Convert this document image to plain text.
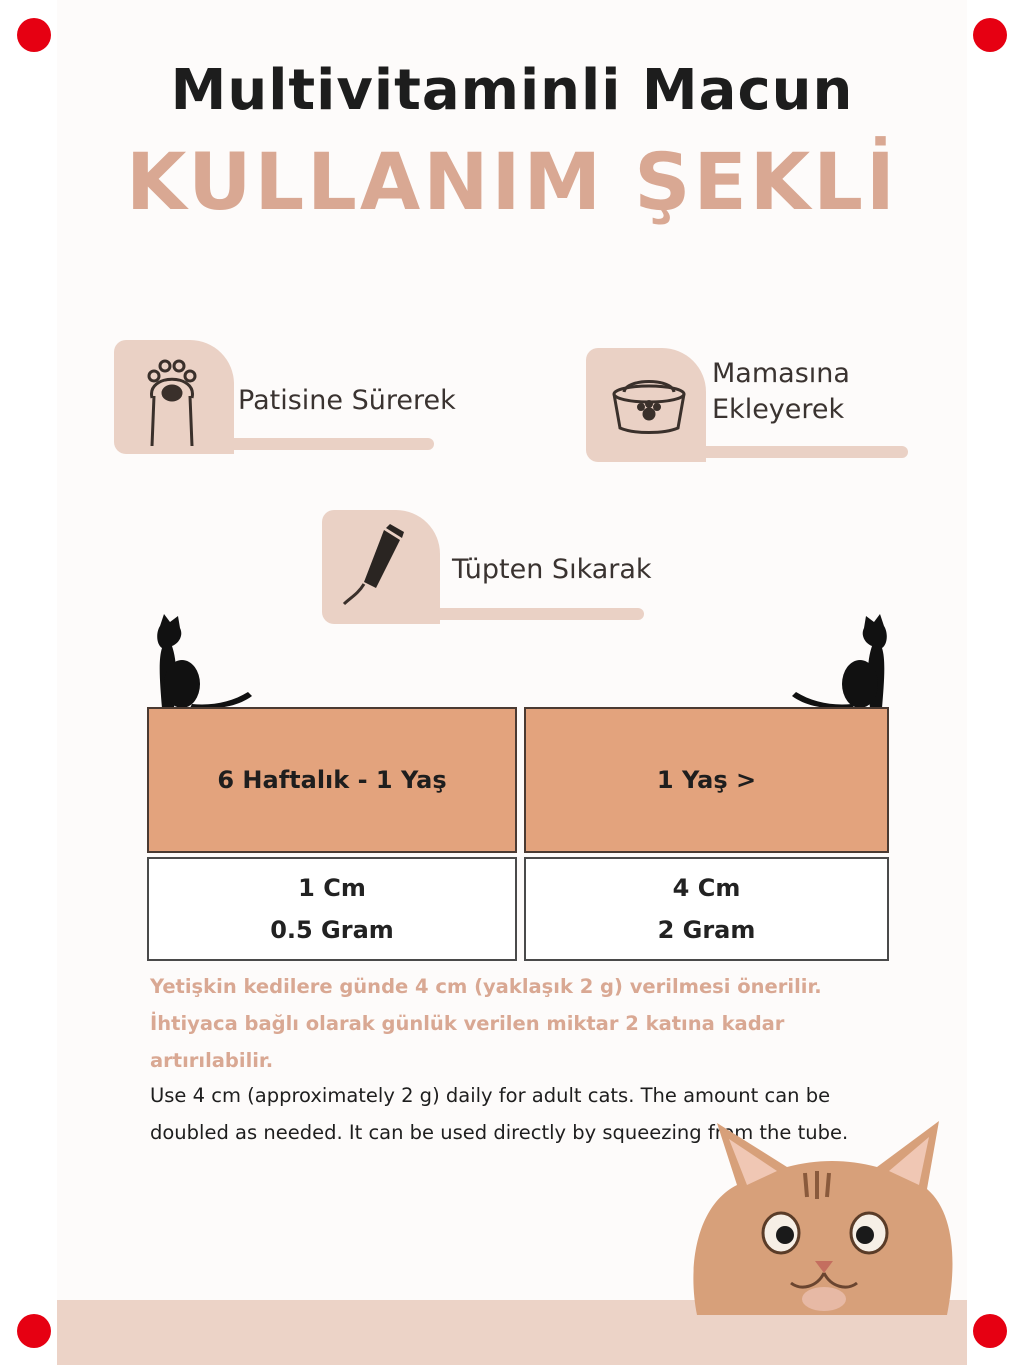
Multivitaminli Macun
KULLANIM ŞEKLİ
Patisine Sürerek
Mamasına
Ekleyerek
Tüpten Sıkarak
6 Haftalık - 1 Yaş	1 Yaş >
1 Cm
0.5 Gram
4 Cm
2 Gram
Yetişkin kedilere günde 4 cm (yaklaşık 2 g) verilmesi önerilir. İhtiyaca bağlı olarak günlük verilen miktar 2 katına kadar artırılabilir.
Use 4 cm (approximately 2 g) daily for adult cats. The amount can be doubled as needed. It can be used directly by squeezing from the tube.
